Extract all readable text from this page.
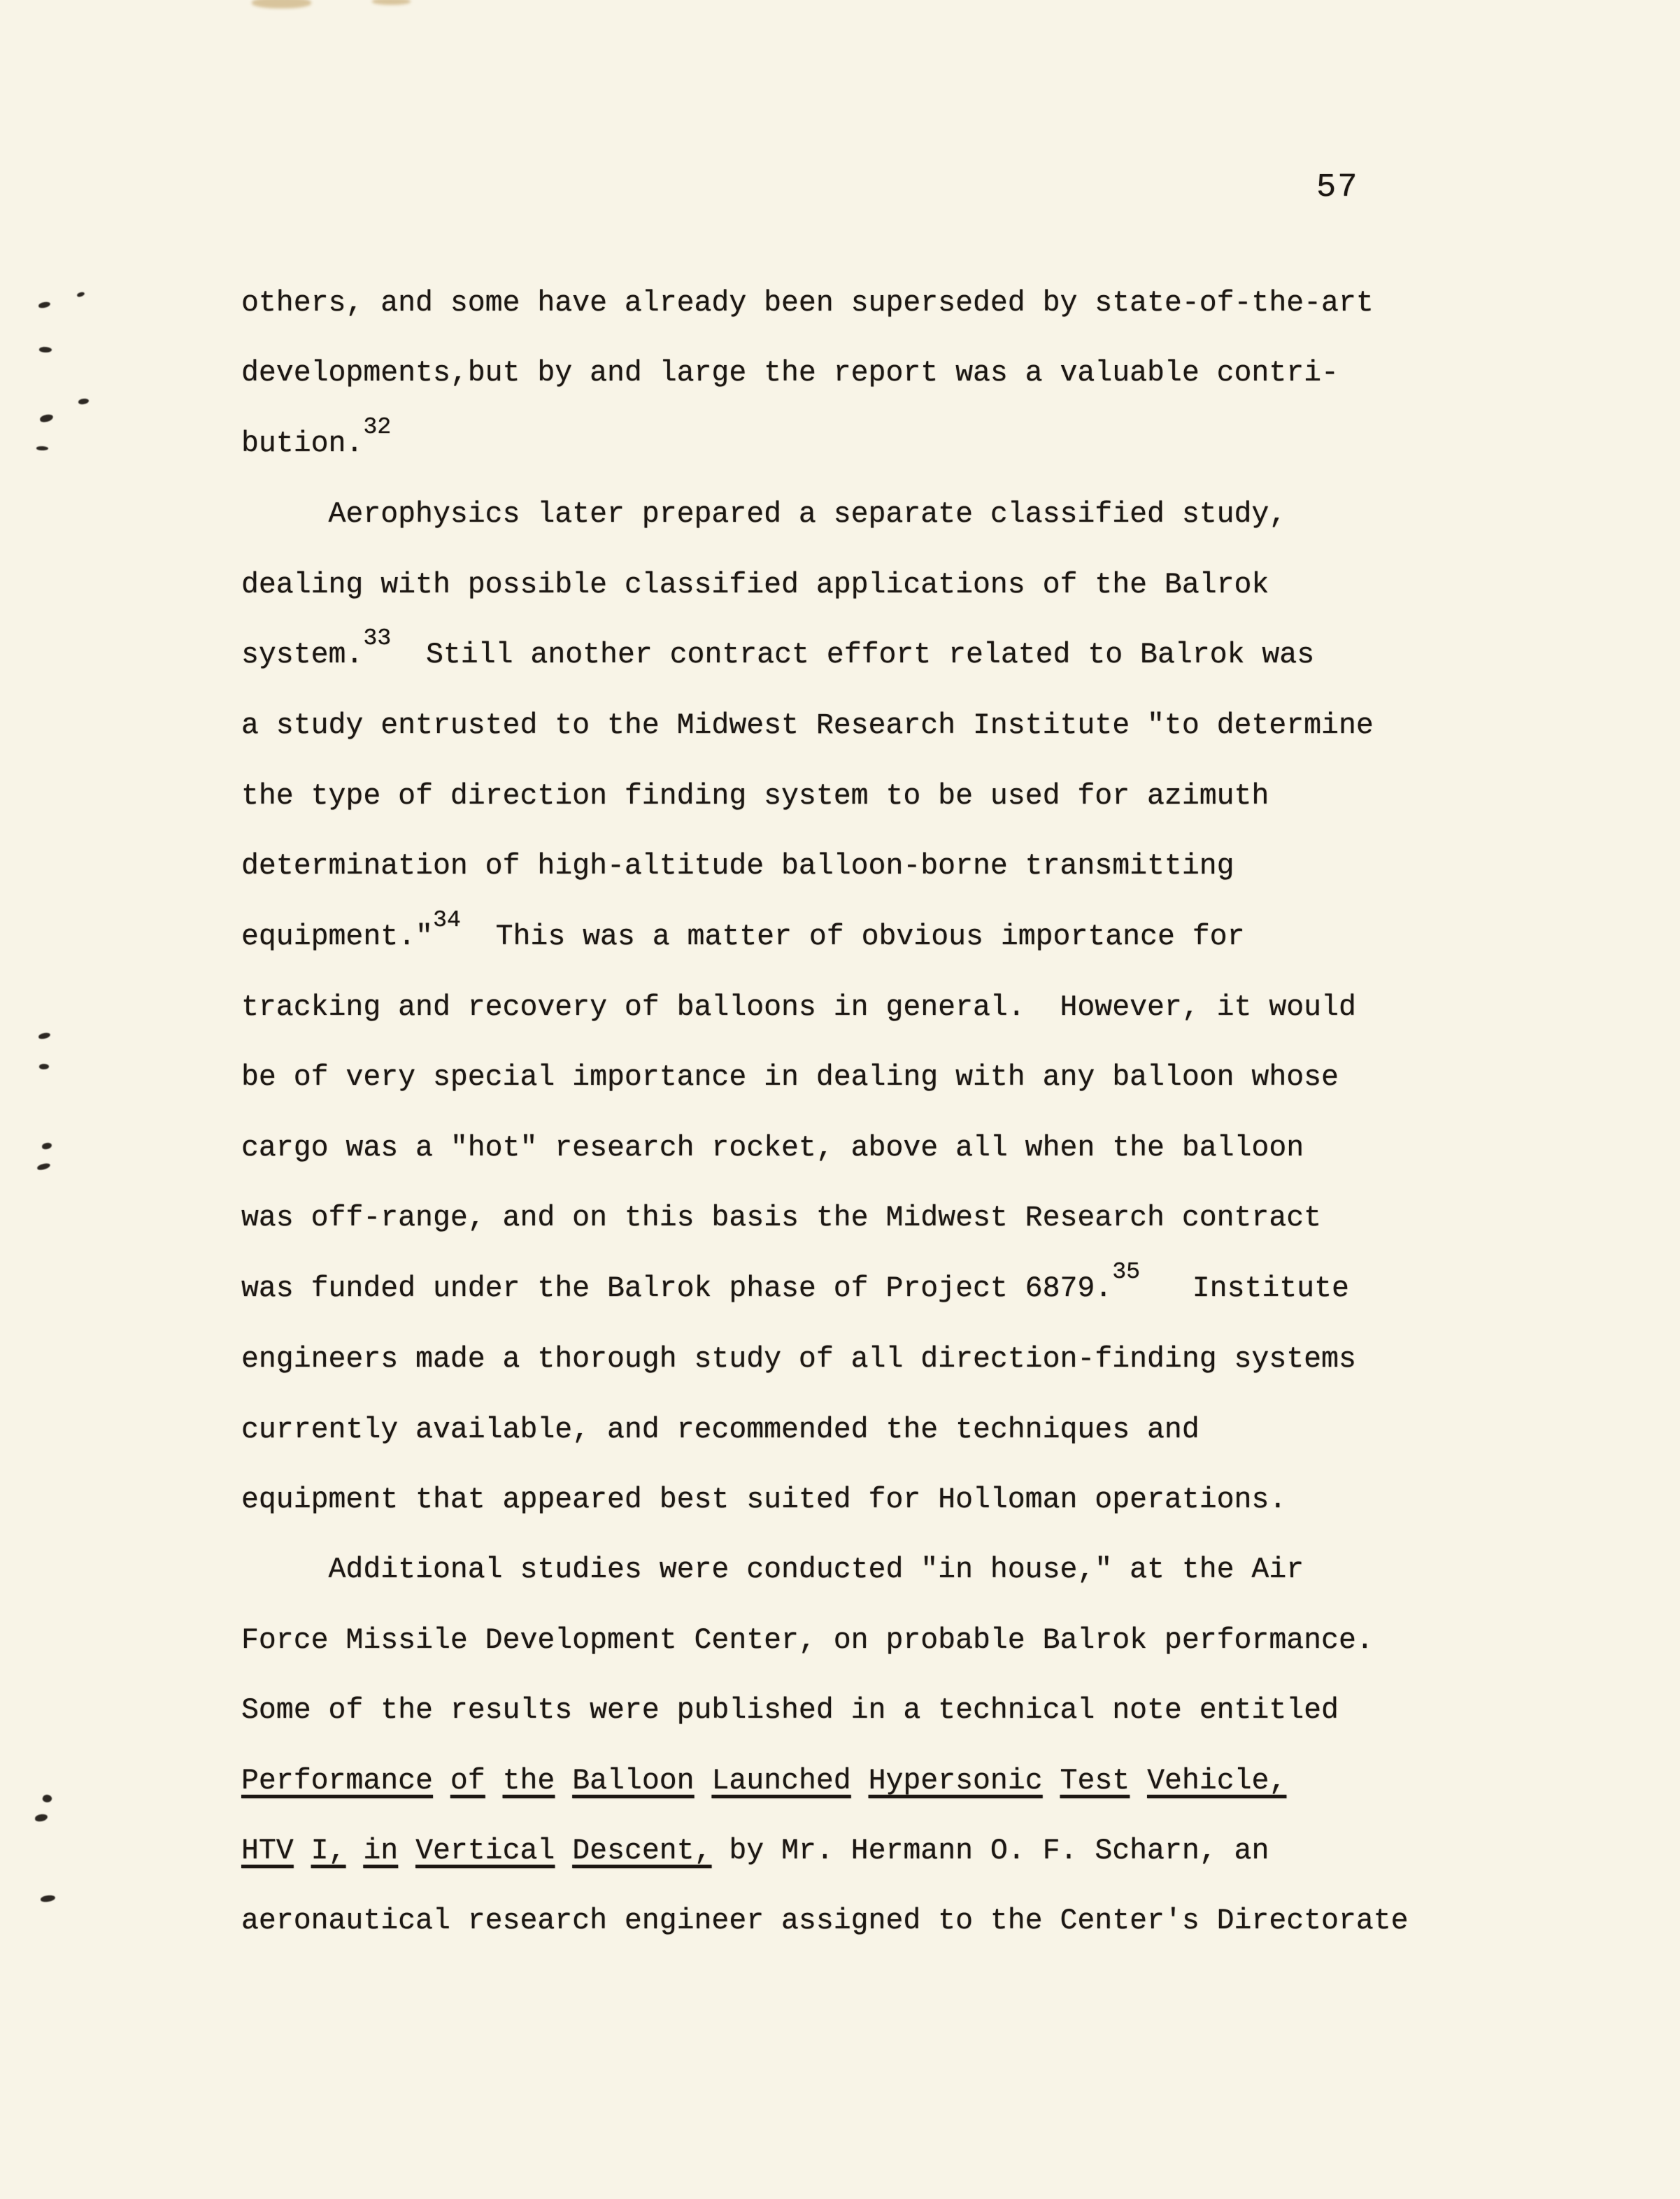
57
others, and some have already been superseded by state-of-the-art
developments,but by and large the report was a valuable contri-
bution.$^{32}$
Aerophysics later prepared a separate classified study,
dealing with possible classified applications of the Balrok
system.$^{33}$  Still another contract effort related to Balrok was
a study entrusted to the Midwest Research Institute "to determine
the type of direction finding system to be used for azimuth
determination of high-altitude balloon-borne transmitting
equipment."$^{34}$  This was a matter of obvious importance for
tracking and recovery of balloons in general.  However, it would
be of very special importance in dealing with any balloon whose
cargo was a "hot" research rocket, above all when the balloon
was off-range, and on this basis the Midwest Research contract
was funded under the Balrok phase of Project 6879.35   Institute
engineers made a thorough study of all direction-finding systems
currently available, and recommended the techniques and
equipment that appeared best suited for Holloman operations.
Additional studies were conducted "in house," at the Air
Force Missile Development Center, on probable Balrok performance.
Some of the results were published in a technical note entitled
Performance of the Balloon Launched Hypersonic Test Vehicle,
HTV I, in Vertical Descent, by Mr. Hermann O. F. Scharn, an
aeronautical research engineer assigned to the Center's Directorate
